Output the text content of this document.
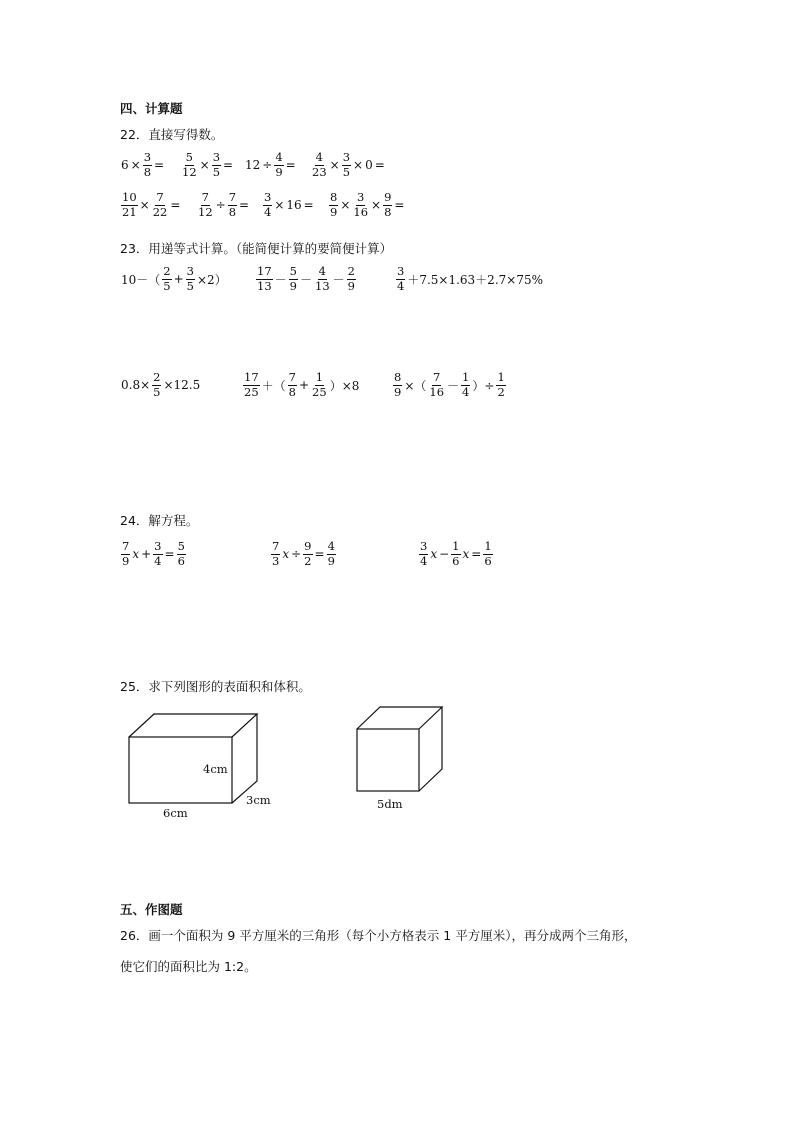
四、计算题
22．直接写得数。
$6 \times \frac{3}{8} = \frac{5}{12} \times \frac{3}{5} = 12 \div \frac{4}{9} = \frac{4}{23} \times \frac{3}{5} \times 0$ =
$\frac{10}{21} \times \frac{7}{22} = \frac{7}{12} \div \frac{7}{8} = \frac{3}{4} \times 16 = \frac{8}{9} \times \frac{3}{16} \times \frac{9}{8}$ =
23．用递等式计算。（能简便计算的要简便计算）
10－（
2
$5 + \frac{3}{5} \times 2$）
17
13 －
5
9 －
4
13 －
2
9
3
4 ＋7.5×1.63＋2.7×75%
$0.8\times \frac{2}{5} \times 12.5$
17
25 ＋（
7
$8 + \frac{1}{25} )\times 8$	$\frac{8}{9}$ ×（
7
16 －
1
4 ）÷ $\frac{1}{2}$
24．解方程。
7
9 $x + \frac{3}{4} = \frac{5}{6}$	7
3 $x \div \frac{9}{2} = \frac{4}{9}$	3
4 $x - \frac{1}{6}$ $x = \frac{1}{6}$
25．求下列图形的表面积和体积。
4cm
6cm
3cm	5dm
五、作图题
26．画一个面积为 9 平方厘米的三角形（每个小方格表示 1 平方厘米），再分成两个三角形，
使它们的面积比为 1:2。
